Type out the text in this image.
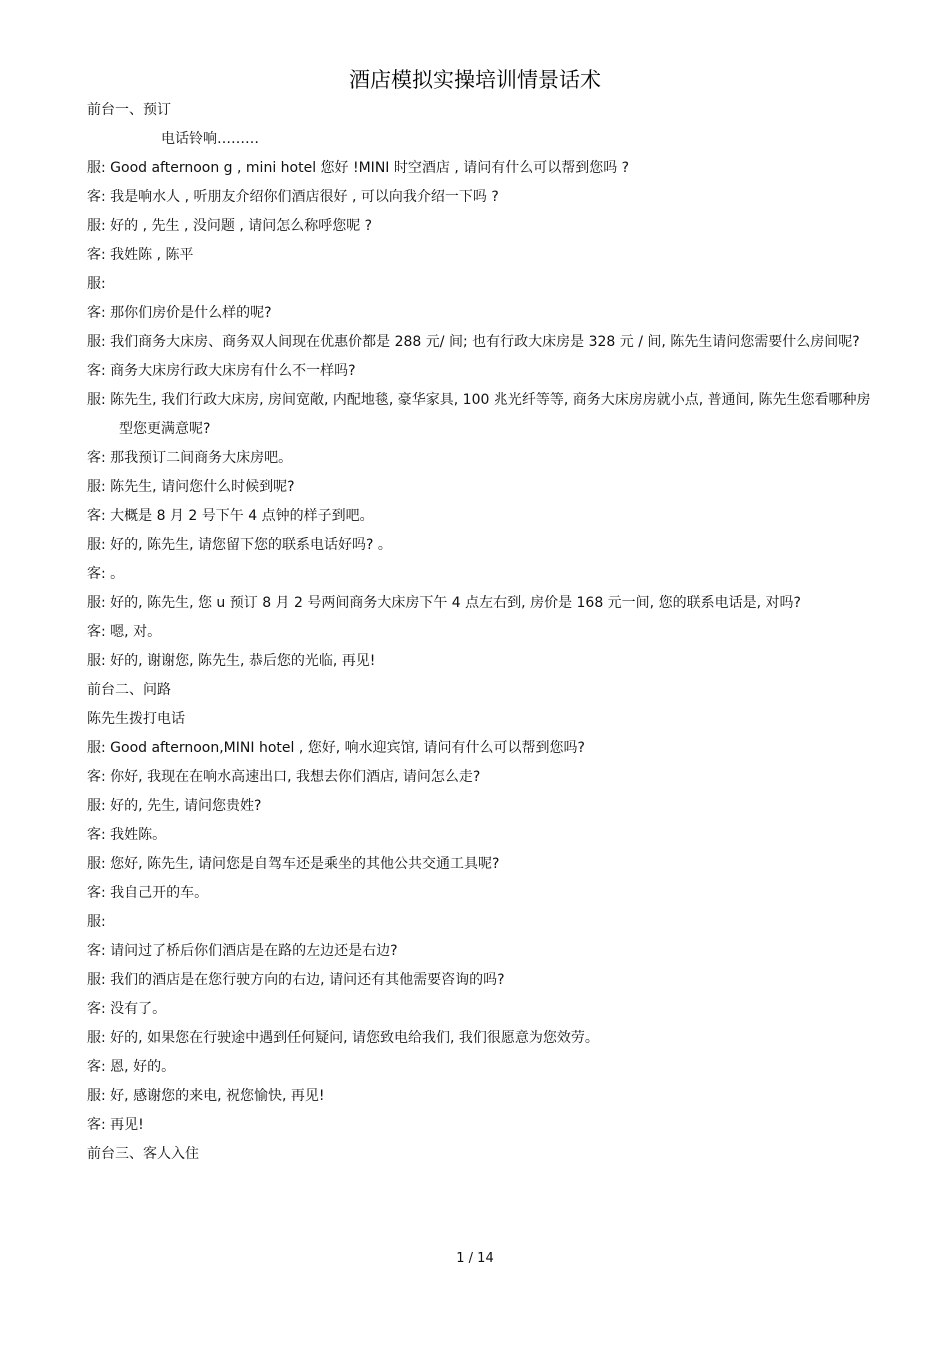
酒店模拟实操培训情景话术
前台一、预订
电话铃响………
服: Good afternoon g , mini hotel 您好 !MINI 时空酒店 , 请问有什么可以帮到您吗 ?
客: 我是响水人 , 听朋友介绍你们酒店很好 , 可以向我介绍一下吗 ?
服: 好的 , 先生 , 没问题 , 请问怎么称呼您呢 ?
客: 我姓陈 , 陈平
服:
客: 那你们房价是什么样的呢?
服: 我们商务大床房、商务双人间现在优惠价都是 288 元/ 间; 也有行政大床房是 328 元 / 间, 陈先生请问您需要什么房间呢?
客: 商务大床房行政大床房有什么不一样吗?
服: 陈先生, 我们行政大床房, 房间宽敞, 内配地毯, 豪华家具, 100 兆光纤等等, 商务大床房房就小点, 普通间, 陈先生您看哪种房型您更满意呢?
客: 那我预订二间商务大床房吧。
服: 陈先生, 请问您什么时候到呢?
客: 大概是 8 月 2 号下午 4 点钟的样子到吧。
服: 好的, 陈先生, 请您留下您的联系电话好吗? 。
客: 。
服: 好的, 陈先生, 您 u 预订 8 月 2 号两间商务大床房下午 4 点左右到, 房价是 168 元一间, 您的联系电话是, 对吗?
客: 嗯, 对。
服: 好的, 谢谢您, 陈先生, 恭后您的光临, 再见!
前台二、问路
陈先生拨打电话
服: Good afternoon,MINI hotel , 您好, 响水迎宾馆, 请问有什么可以帮到您吗?
客: 你好, 我现在在响水高速出口, 我想去你们酒店, 请问怎么走?
服: 好的, 先生, 请问您贵姓?
客: 我姓陈。
服: 您好, 陈先生, 请问您是自驾车还是乘坐的其他公共交通工具呢?
客: 我自己开的车。
服:
客: 请问过了桥后你们酒店是在路的左边还是右边?
服: 我们的酒店是在您行驶方向的右边, 请问还有其他需要咨询的吗?
客: 没有了。
服: 好的, 如果您在行驶途中遇到任何疑问, 请您致电给我们, 我们很愿意为您效劳。
客: 恩, 好的。
服: 好, 感谢您的来电, 祝您愉快, 再见!
客: 再见!
前台三、客人入住
1 / 14
